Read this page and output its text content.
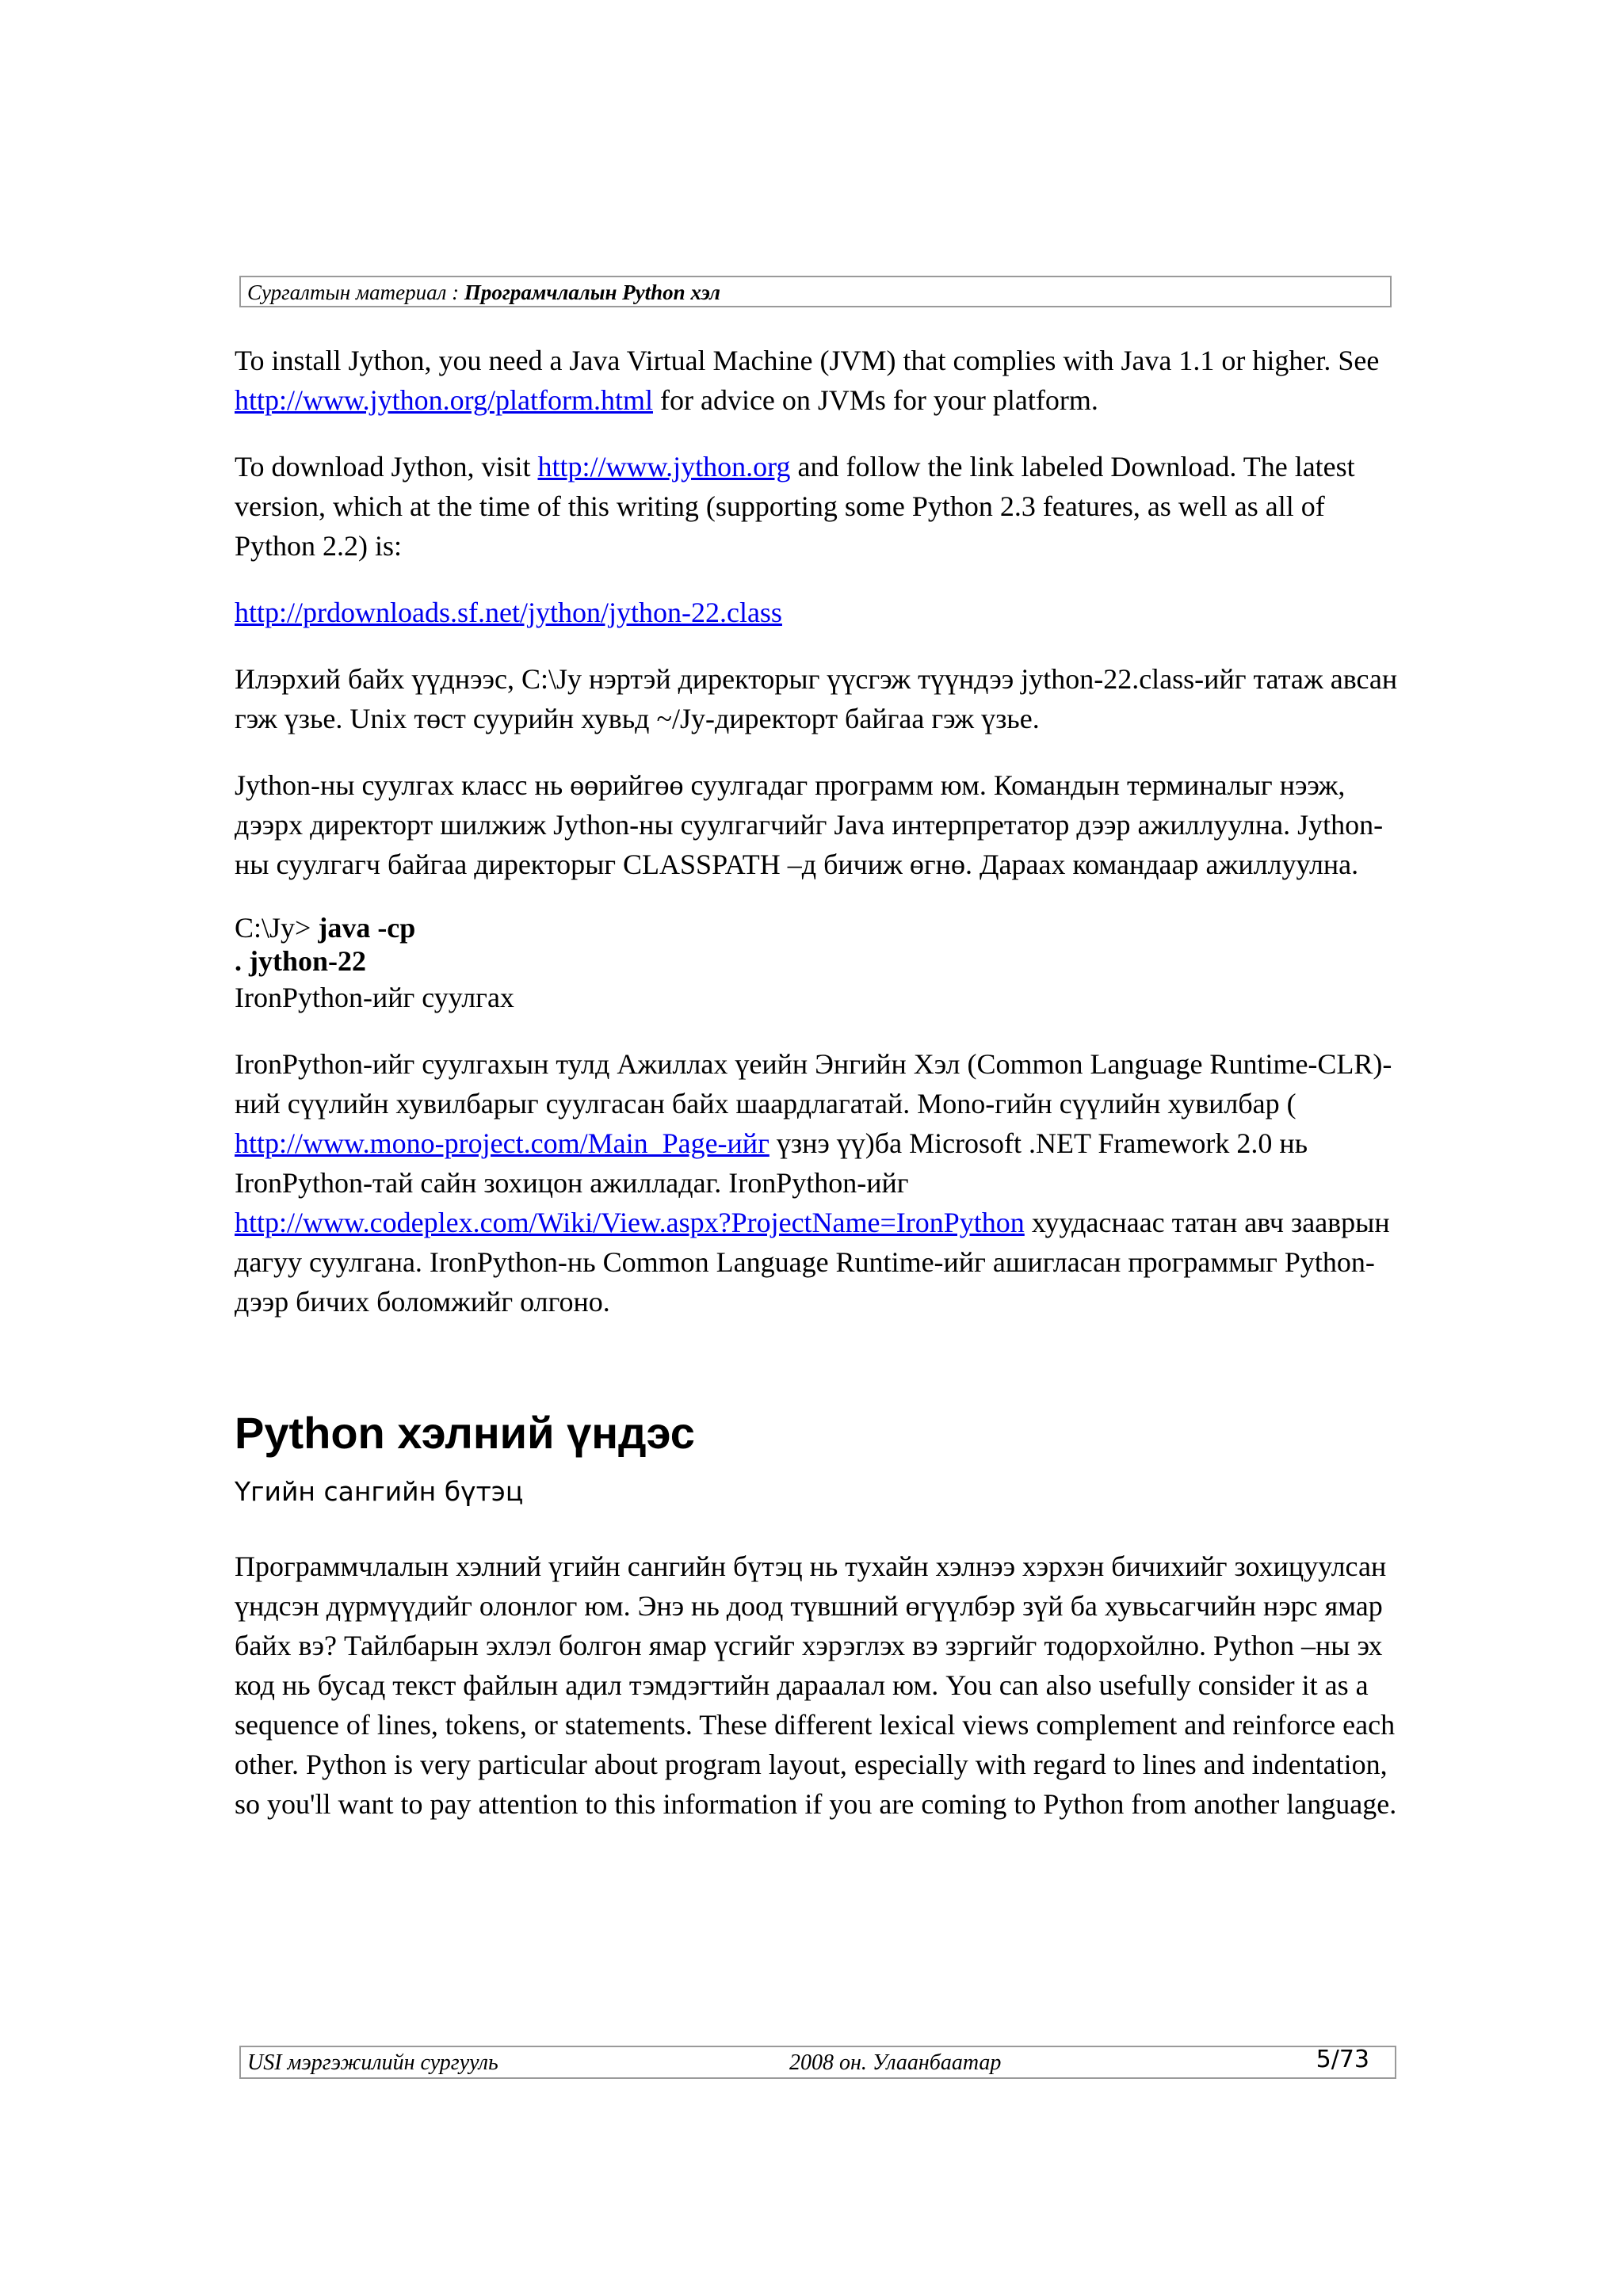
Сургалтын материал : Програмчлалын Python хэл

To install Jython, you need a Java Virtual Machine (JVM) that complies with Java 1.1 or higher. See http://www.jython.org/platform.html for advice on JVMs for your platform.

To download Jython, visit http://www.jython.org and follow the link labeled Download. The latest version, which at the time of this writing (supporting some Python 2.3 features, as well as all of Python 2.2) is:

http://prdownloads.sf.net/jython/jython-22.class

Илэрхий байх үүднээс, C:\Jy нэртэй директорыг үүсгэж түүндээ jython-22.class-ийг татаж авсан гэж үзье. Unix төст суурийн хувьд ~/Jy-директорт байгаа гэж үзье.

Jython-ны суулгах класс нь өөрийгөө суулгадаг программ юм. Командын терминалыг нээж, дээрх директорт шилжиж Jython-ны суулгагчийг Java интерпретатор дээр ажиллуулна. Jython-ны суулгагч байгаа директорыг CLASSPATH –д бичиж өгнө. Дараах командаар ажиллуулна.

C:\Jy> java -cp
. jython-22
IronPython-ийг суулгах

IronPython-ийг суулгахын тулд Ажиллах үеийн Энгийн Хэл (Common Language Runtime-CLR)-ний сүүлийн хувилбарыг суулгасан байх шаардлагатай. Mono-гийн сүүлийн хувилбар ( http://www.mono-project.com/Main_Page-ийг үзнэ үү)ба Microsoft .NET Framework 2.0 нь IronPython-тай сайн зохицон ажилладаг. IronPython-ийг http://www.codeplex.com/Wiki/View.aspx?ProjectName=IronPython хуудаснаас татан авч зааврын дагуу суулгана. IronPython-нь Common Language Runtime-ийг ашигласан программыг Python-дээр бичих боломжийг олгоно.

Python хэлний үндэс
Үгийн сангийн бүтэц

Программчлалын хэлний үгийн сангийн бүтэц нь тухайн хэлнээ хэрхэн бичихийг зохицуулсан үндсэн дүрмүүдийг олонлог юм. Энэ нь доод түвшний өгүүлбэр зүй ба хувьсагчийн нэрс ямар байх вэ? Тайлбарын эхлэл болгон ямар үсгийг хэрэглэх вэ зэргийг тодорхойлно. Python –ны эх код нь бусад текст файлын адил тэмдэгтийн дараалал юм. You can also usefully consider it as a sequence of lines, tokens, or statements. These different lexical views complement and reinforce each other. Python is very particular about program layout, especially with regard to lines and indentation, so you'll want to pay attention to this information if you are coming to Python from another language.

USI мэргэжилийн сургууль	2008 он. Улаанбаатар	5/73
